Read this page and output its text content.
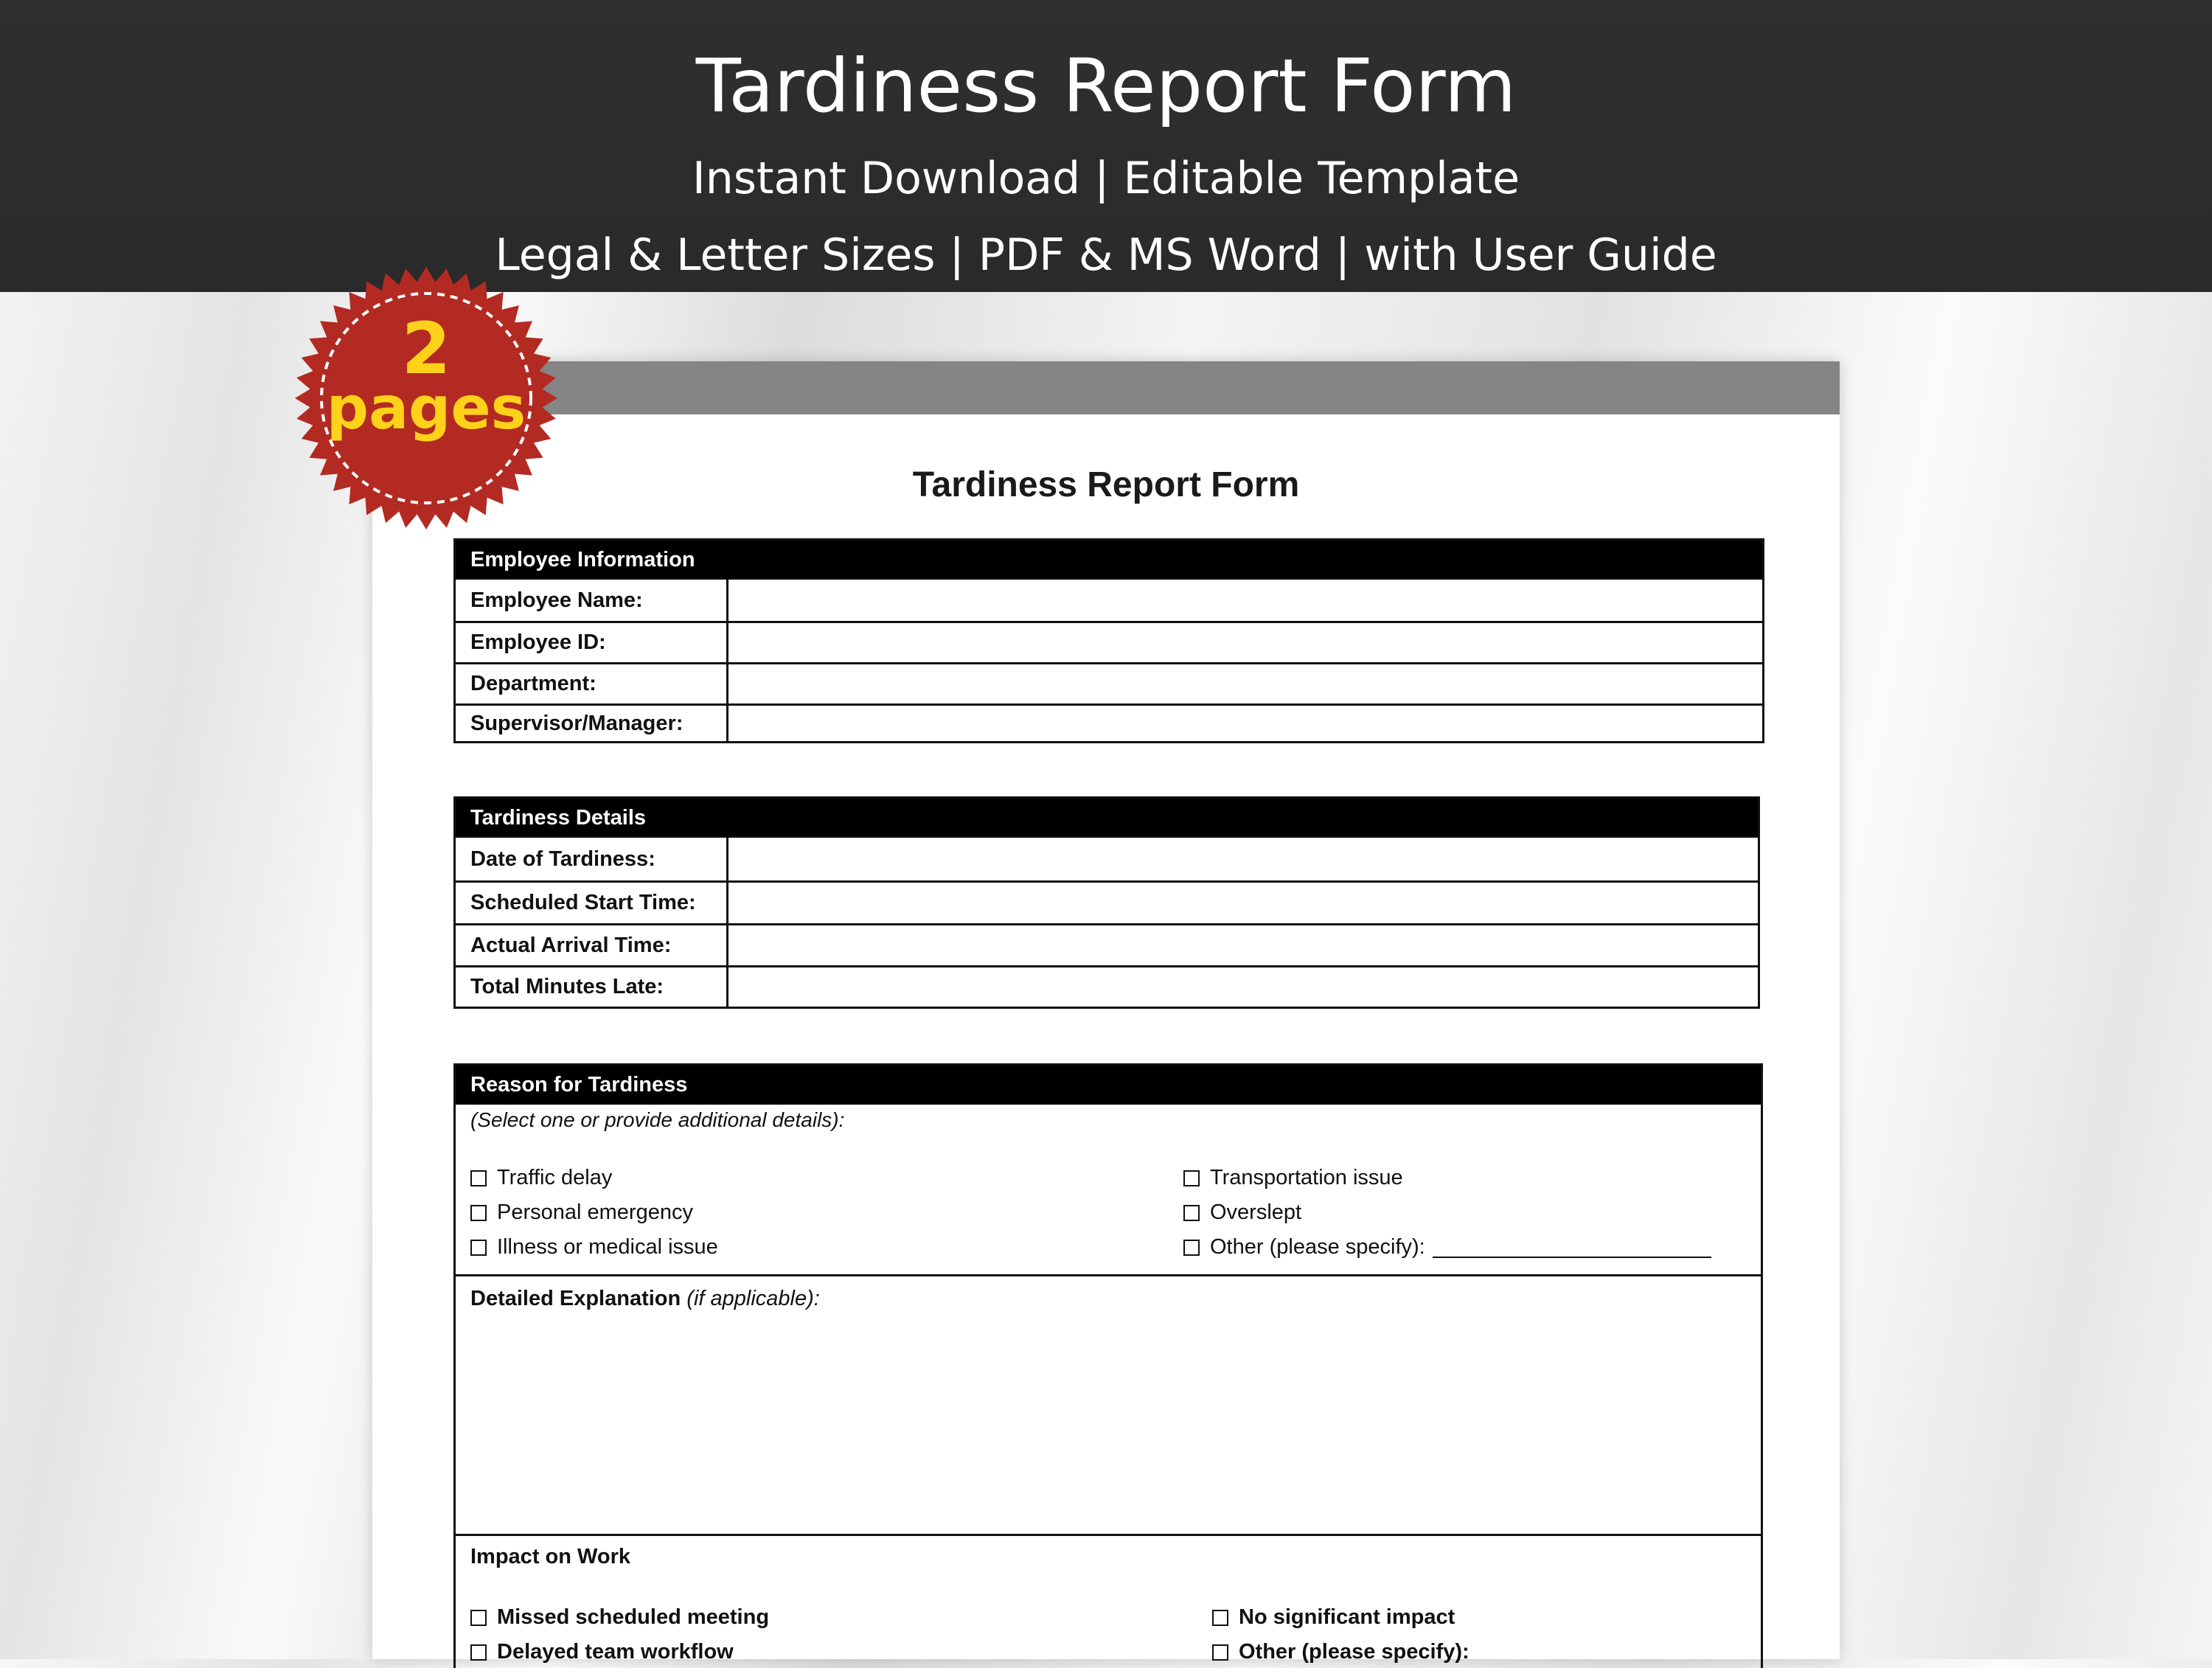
Tardiness Report Form
Instant Download | Editable Template
Legal & Letter Sizes | PDF & MS Word | with User Guide
Tardiness Report Form
Employee Information
Employee Name:
Employee ID:
Department:
Supervisor/Manager:
Tardiness Details
Date of Tardiness:
Scheduled Start Time:
Actual Arrival Time:
Total Minutes Late:
Reason for Tardiness
(Select one or provide additional details):
Traffic delay
Personal emergency
Illness or medical issue
Transportation issue
Overslept
Other (please specify):
Detailed Explanation (if applicable):
Impact on Work
Missed scheduled meeting
Delayed team workflow
No significant impact
Other (please specify):
2
pages
